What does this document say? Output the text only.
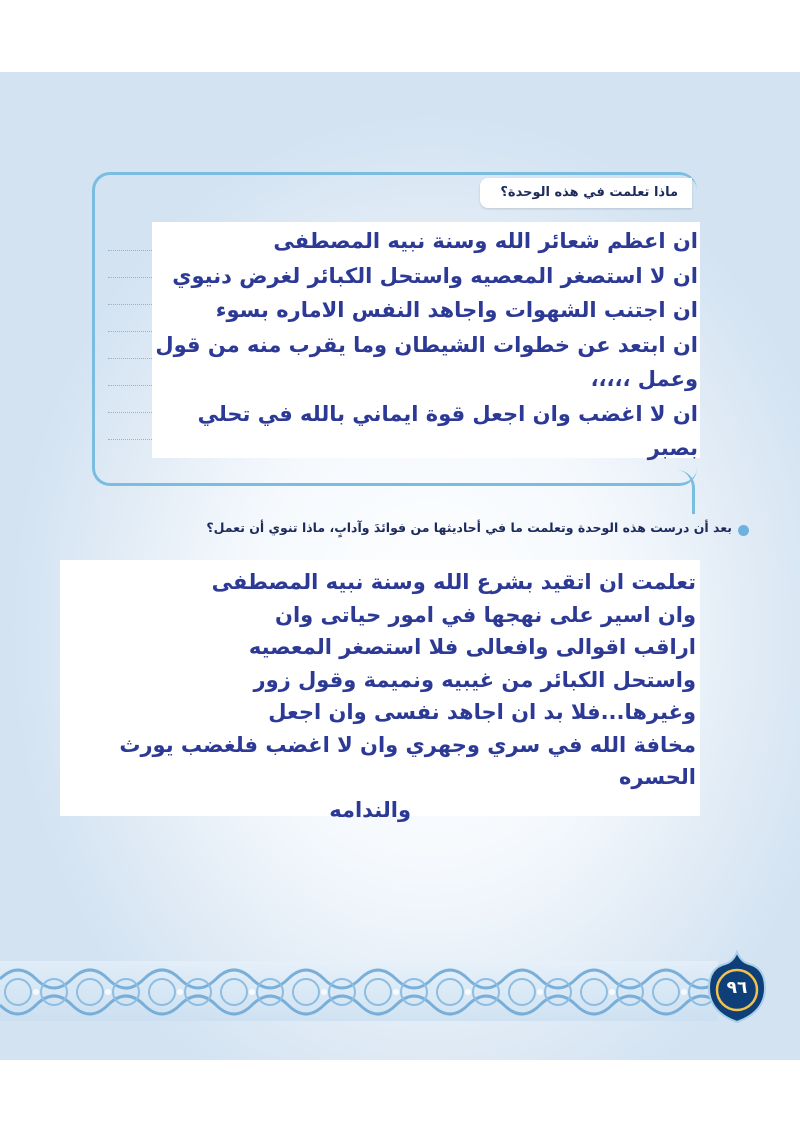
ماذا تعلمت في هذه الوحدة؟
ان اعظم شعائر الله وسنة نبيه المصطفى
ان لا استصغر المعصيه واستحل الكبائر لغرض دنيوي
ان اجتنب الشهوات واجاهد النفس الاماره بسوء
ان ابتعد عن خطوات الشيطان وما يقرب منه من قول
وعمل ،،،،،
ان لا اغضب وان اجعل قوة ايماني بالله في تحلي بصبر
بعد أن درست هذه الوحدة وتعلمت ما في أحاديثها من فوائدَ وآدابٍ، ماذا تنوي أن تعمل؟
تعلمت ان اتقيد بشرع الله وسنة نبيه المصطفى
وان اسير على نهجها في امور حياتى وان
اراقب اقوالى وافعالى فلا استصغر المعصيه
واستحل الكبائر من غيبيه ونميمة وقول زور
وغيرها...فلا بد ان اجاهد نفسى وان اجعل
مخافة الله في سري وجهري وان لا اغضب فلغضب يورث الحسره
والندامه
٩٦
